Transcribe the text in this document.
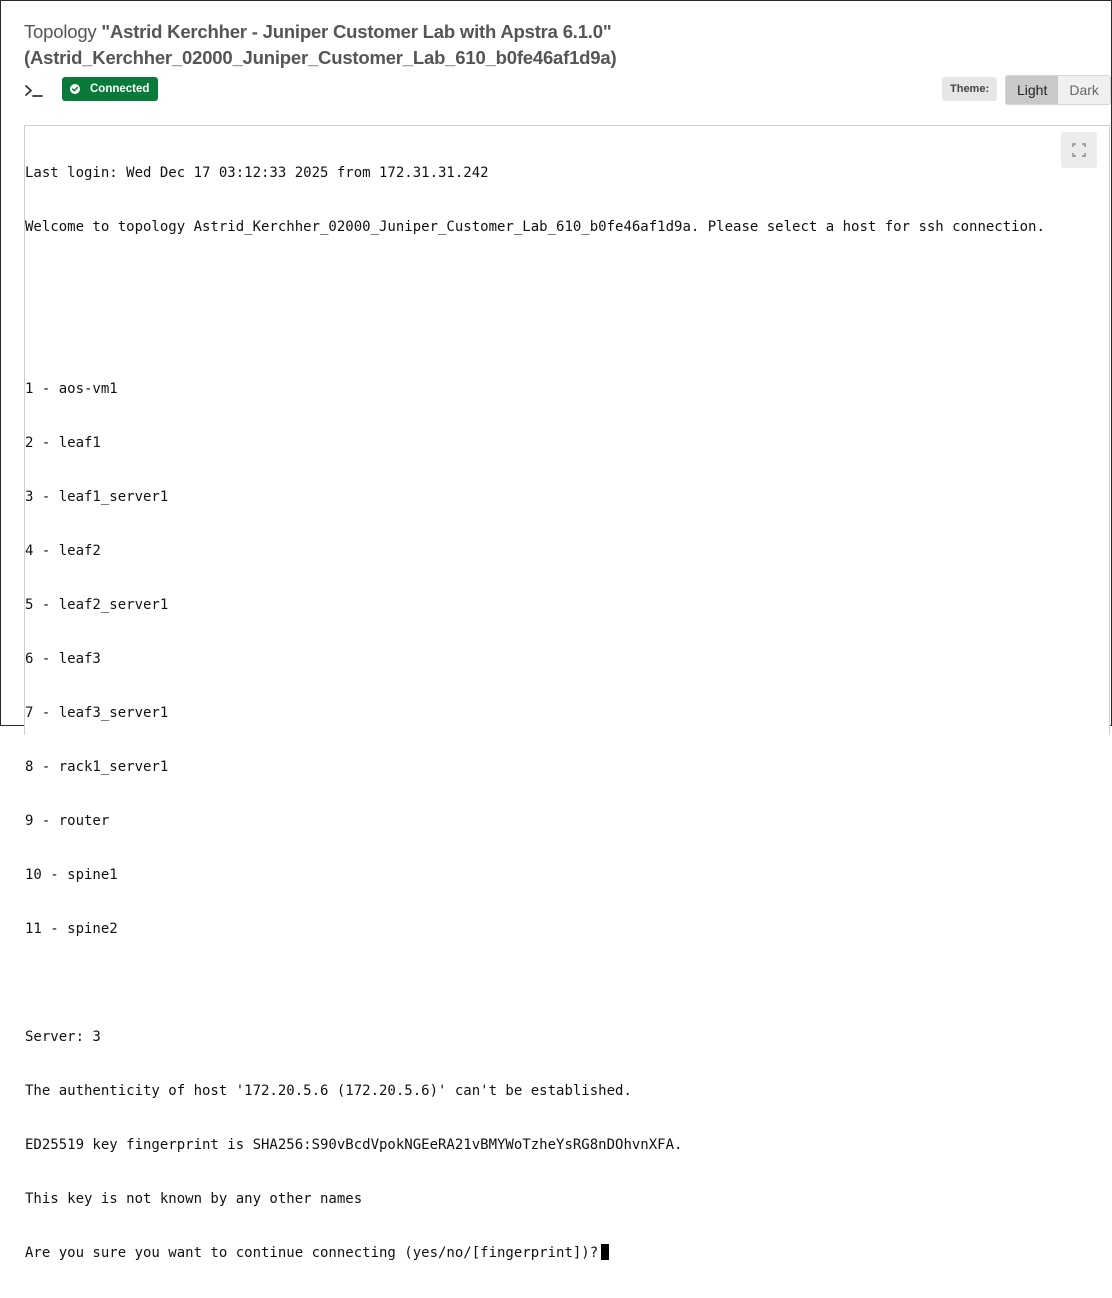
Topology "Astrid Kerchher - Juniper Customer Lab with Apstra 6.1.0"
(Astrid_Kerchher_02000_Juniper_Customer_Lab_610_b0fe46af1d9a)
Connected	Theme:	Light	Dark

Last login: Wed Dec 17 03:12:33 2025 from 172.31.31.242

Welcome to topology Astrid_Kerchher_02000_Juniper_Customer_Lab_610_b0fe46af1d9a. Please select a host for ssh connection.

1 - aos-vm1

2 - leaf1

3 - leaf1_server1

4 - leaf2

5 - leaf2_server1

6 - leaf3

7 - leaf3_server1

8 - rack1_server1

9 - router

10 - spine1

11 - spine2

Server: 3

The authenticity of host '172.20.5.6 (172.20.5.6)' can't be established.

ED25519 key fingerprint is SHA256:S90vBcdVpokNGEeRA21vBMYWoTzheYsRG8nDOhvnXFA.

This key is not known by any other names

Are you sure you want to continue connecting (yes/no/[fingerprint])?
